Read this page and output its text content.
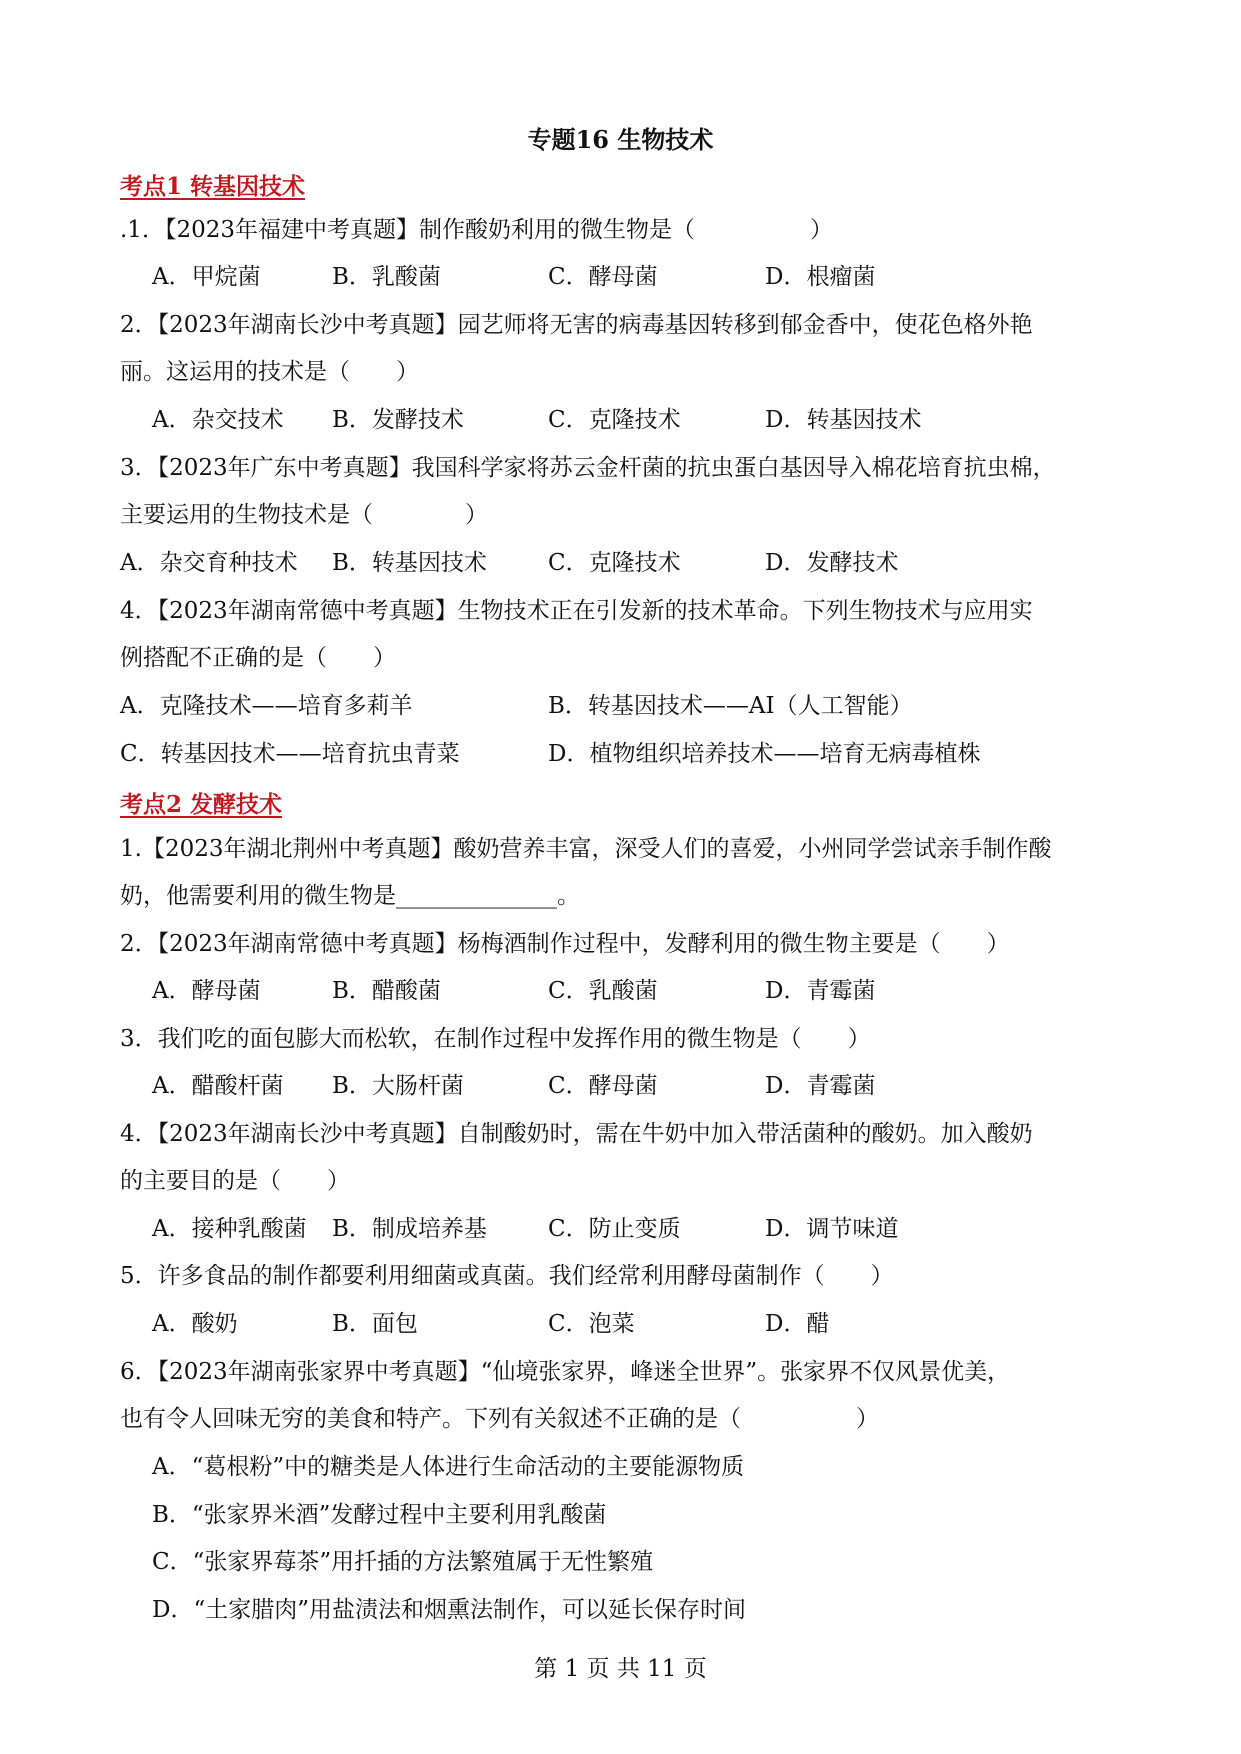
专题16 生物技术
考点1 转基因技术
.1．【2023年福建中考真题】制作酸奶利用的微生物是（　　　　　）
A．甲烷菌	B．乳酸菌	C．酵母菌	D．根瘤菌
2．【2023年湖南长沙中考真题】园艺师将无害的病毒基因转移到郁金香中，使花色格外艳
丽。这运用的技术是（　　）
A．杂交技术 B．发酵技术	C．克隆技术	D．转基因技术
3．【2023年广东中考真题】我国科学家将苏云金杆菌的抗虫蛋白基因导入棉花培育抗虫棉，
主要运用的生物技术是（　　　　）
A．杂交育种技术 B．转基因技术	C．克隆技术	D．发酵技术
4．【2023年湖南常德中考真题】生物技术正在引发新的技术革命。下列生物技术与应用实
例搭配不正确的是（　　）
A．克隆技术——培育多莉羊	B．转基因技术——AI（人工智能）
C．转基因技术——培育抗虫青菜	D．植物组织培养技术——培育无病毒植株
考点2 发酵技术
1.【2023年湖北荆州中考真题】酸奶营养丰富，深受人们的喜爱，小州同学尝试亲手制作酸
奶，他需要利用的微生物是______________。
2．【2023年湖南常德中考真题】杨梅酒制作过程中，发酵利用的微生物主要是（　　）
A．酵母菌	B．醋酸菌	C．乳酸菌	D．青霉菌
3．我们吃的面包膨大而松软，在制作过程中发挥作用的微生物是（　　）
A．醋酸杆菌 B．大肠杆菌	C．酵母菌	D．青霉菌
4．【2023年湖南长沙中考真题】自制酸奶时，需在牛奶中加入带活菌种的酸奶。加入酸奶
的主要目的是（　　）
A．接种乳酸菌 B．制成培养基	C．防止变质	D．调节味道
5．许多食品的制作都要利用细菌或真菌。我们经常利用酵母菌制作（　　）
A．酸奶	B．面包	C．泡菜	D．醋
6．【2023年湖南张家界中考真题】“仙境张家界，峰迷全世界”。张家界不仅风景优美，
也有令人回味无穷的美食和特产。下列有关叙述不正确的是（　　　　　）
A．“葛根粉”中的糖类是人体进行生命活动的主要能源物质
B．“张家界米酒”发酵过程中主要利用乳酸菌
C．“张家界莓茶”用扦插的方法繁殖属于无性繁殖
D．“土家腊肉”用盐渍法和烟熏法制作，可以延长保存时间
第 1 页 共 11 页
